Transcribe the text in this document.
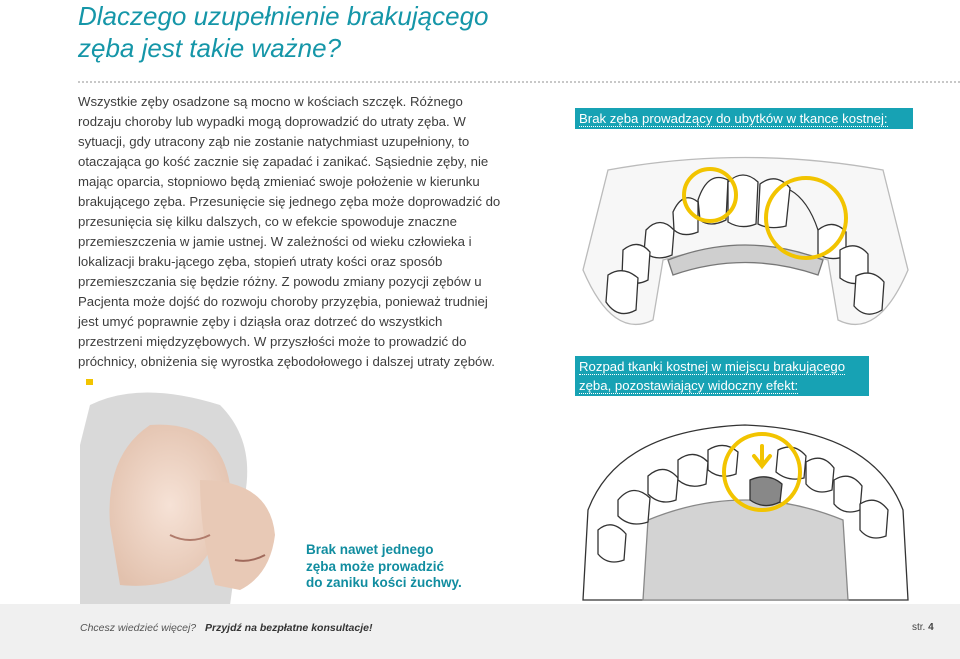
Dlaczego uzupełnienie brakującego
zęba jest takie ważne?

Wszystkie zęby osadzone są mocno w kościach szczęk. Różnego rodzaju choroby lub wypadki mogą doprowadzić do utraty zęba. W sytuacji, gdy utracony ząb nie zostanie natychmiast uzupełniony, to otaczająca go kość zacznie się zapadać i zanikać. Sąsiednie zęby, nie mając oparcia, stopniowo będą zmieniać swoje położenie w kierunku brakującego zęba. Przesunięcie się jednego zęba może doprowadzić do przesunięcia się kilku dalszych, co w efekcie spowoduje znaczne przemieszczenia w jamie ustnej. W zależności od wieku człowieka i lokalizacji braku-jącego zęba, stopień utraty kości oraz sposób przemieszczania się będzie różny. Z powodu zmiany pozycji zębów u Pacjenta może dojść do rozwoju choroby przyzębia, ponieważ trudniej jest umyć poprawnie zęby i dziąsła oraz dotrzeć do wszystkich przestrzeni międzyzębowych. W przyszłości może to prowadzić do próchnicy, obniżenia się wyrostka zębodołowego i dalszej utraty zębów.

Brak zęba prowadzący do ubytków w tkance kostnej:
Rozpad tkanki kostnej w miejscu brakującego zęba, pozostawiający widoczny efekt:

Brak nawet jednego
zęba może prowadzić
do zaniku kości żuchwy.

Chcesz wiedzieć więcej? Przyjdź na bezpłatne konsultacje!	str. 4
